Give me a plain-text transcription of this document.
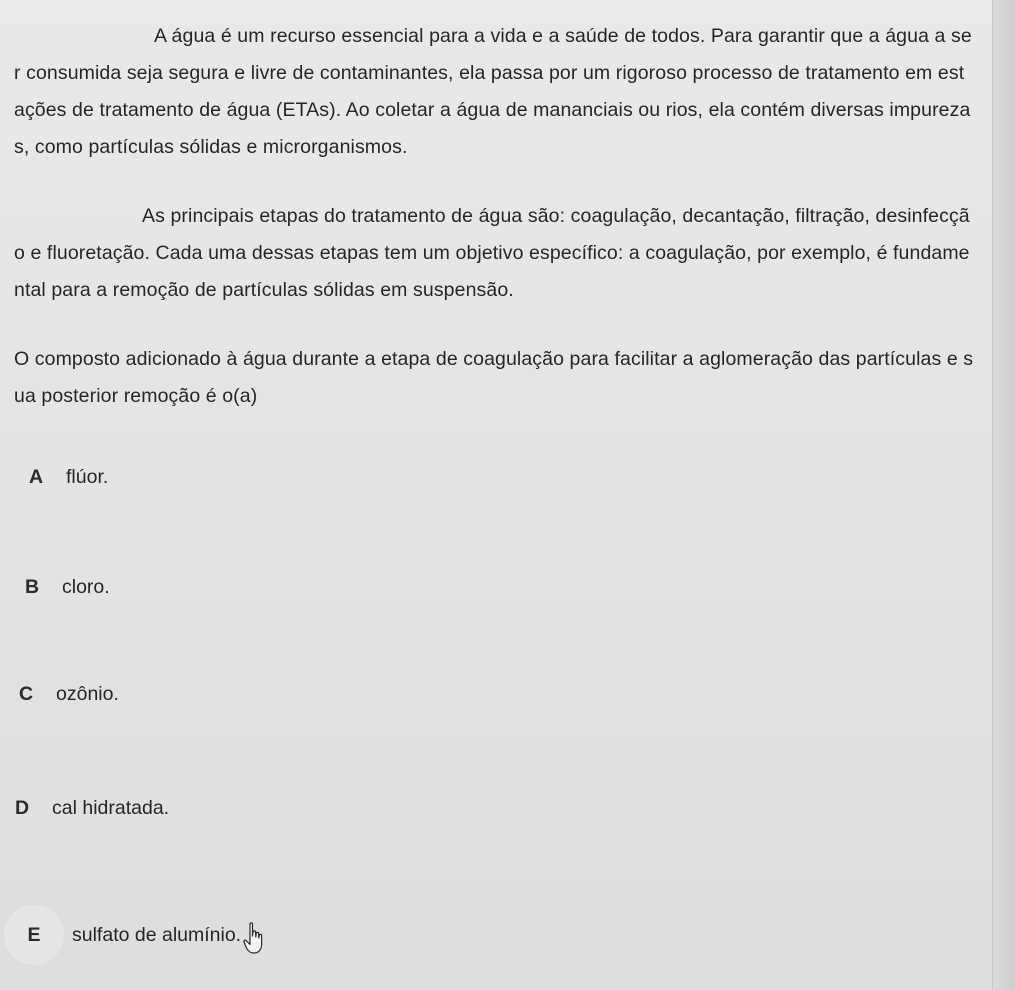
A água é um recurso essencial para a vida e a saúde de todos. Para garantir que a água a ser consumida seja segura e livre de contaminantes, ela passa por um rigoroso processo de tratamento em estações de tratamento de água (ETAs). Ao coletar a água de mananciais ou rios, ela contém diversas impurezas, como partículas sólidas e microrganismos.

As principais etapas do tratamento de água são: coagulação, decantação, filtração, desinfecção e fluoretação. Cada uma dessas etapas tem um objetivo específico: a coagulação, por exemplo, é fundamental para a remoção de partículas sólidas em suspensão.

O composto adicionado à água durante a etapa de coagulação para facilitar a aglomeração das partículas e sua posterior remoção é o(a)

A	flúor.
B	cloro.
C	ozônio.
D	cal hidratada.
E	sulfato de alumínio.
